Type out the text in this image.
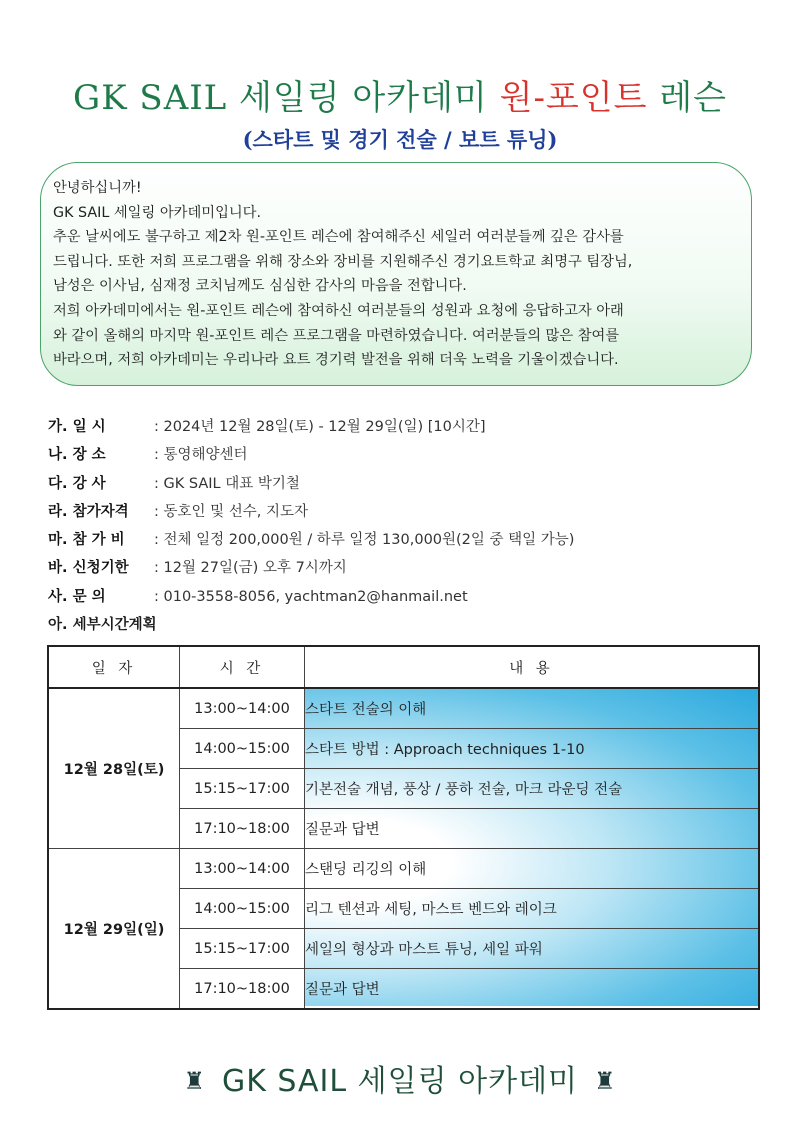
GK SAIL 세일링 아카데미 원-포인트 레슨
(스타트 및 경기 전술 / 보트 튜닝)

안녕하십니까!

GK SAIL 세일링 아카데미입니다.

추운 날씨에도 불구하고 제2차 원-포인트 레슨에 참여해주신 세일러 여러분들께 깊은 감사를

드립니다. 또한 저희 프로그램을 위해 장소와 장비를 지원해주신 경기요트학교 최명구 팀장님,

남성은 이사님, 심재정 코치님께도 심심한 감사의 마음을 전합니다.

저희 아카데미에서는 원-포인트 레슨에 참여하신 여러분들의 성원과 요청에 응답하고자 아래

와 같이 올해의 마지막 원-포인트 레슨 프로그램을 마련하였습니다. 여러분들의 많은 참여를

바라으며, 저희 아카데미는 우리나라 요트 경기력 발전을 위해 더욱 노력을 기울이겠습니다.

가. 일 시	: 2024년 12월 28일(토) - 12월 29일(일) [10시간]
나. 장 소	: 통영해양센터
다. 강 사	: GK SAIL 대표 박기철
라. 참가자격 : 동호인 및 선수, 지도자
마. 참 가 비 : 전체 일정 200,000원 / 하루 일정 130,000원(2일 중 택일 가능)
바. 신청기한 : 12월 27일(금) 오후 7시까지
사. 문 의	: 010-3558-8056, yachtman2@hanmail.net
아. 세부시간계획
일 자	시 간	내 용
12월 28일(토)	13:00~14:00	스타트 전술의 이해
	14:00~15:00	스타트 방법 : Approach techniques 1-10
	15:15~17:00	기본전술 개념, 풍상 / 풍하 전술, 마크 라운딩 전술
	17:10~18:00	질문과 답변
12월 29일(일)	13:00~14:00	스탠딩 리깅의 이해
	14:00~15:00	리그 텐션과 세팅, 마스트 벤드와 레이크
	15:15~17:00	세일의 형상과 마스트 튜닝, 세일 파워
	17:10~18:00	질문과 답변
♜ GK SAIL 세일링 아카데미 ♜
